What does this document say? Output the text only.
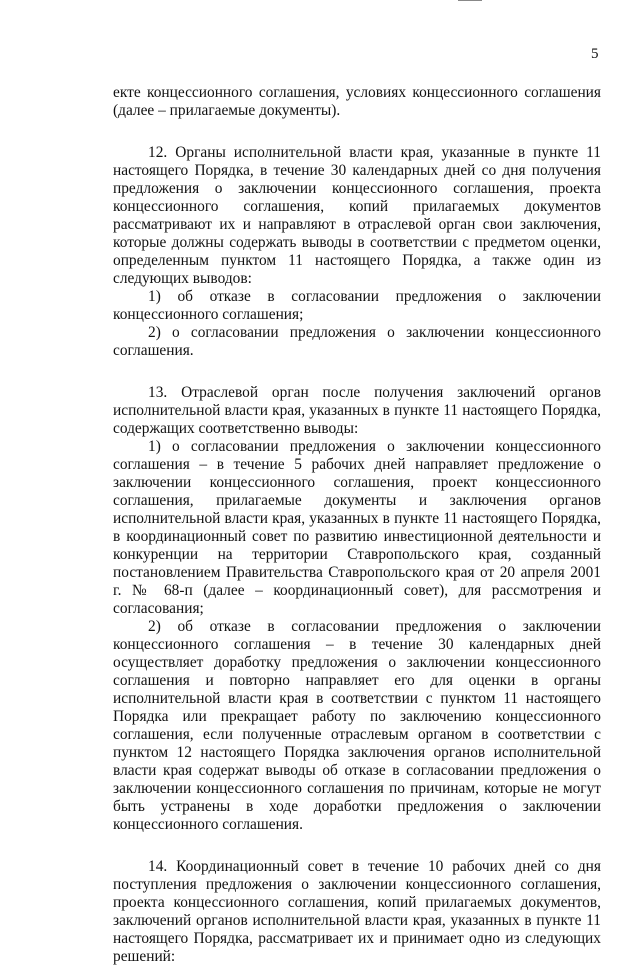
5

екте концессионного соглашения, условиях концессионного соглашения (далее – прилагаемые документы).

12. Органы исполнительной власти края, указанные в пункте 11 настоящего Порядка, в течение 30 календарных дней со дня получения предложения о заключении концессионного соглашения, проекта концессионного соглашения, копий прилагаемых документов рассматривают их и направляют в отраслевой орган свои заключения, которые должны содержать выводы в соответствии с предметом оценки, определенным пунктом 11 настоящего Порядка, а также один из следующих выводов:

1) об отказе в согласовании предложения о заключении концессионного соглашения;

2) о согласовании предложения о заключении концессионного соглашения.

13. Отраслевой орган после получения заключений органов исполнительной власти края, указанных в пункте 11 настоящего Порядка, содержащих соответственно выводы:

1) о согласовании предложения о заключении концессионного соглашения – в течение 5 рабочих дней направляет предложение о заключении концессионного соглашения, проект концессионного соглашения, прилагаемые документы и заключения органов исполнительной власти края, указанных в пункте 11 настоящего Порядка, в координационный совет по развитию инвестиционной деятельности и конкуренции на территории Ставропольского края, созданный постановлением Правительства Ставропольского края от 20 апреля 2001 г. № 68-п (далее – координационный совет), для рассмотрения и согласования;

2) об отказе в согласовании предложения о заключении концессионного соглашения – в течение 30 календарных дней осуществляет доработку предложения о заключении концессионного соглашения и повторно направляет его для оценки в органы исполнительной власти края в соответствии с пунктом 11 настоящего Порядка или прекращает работу по заключению концессионного соглашения, если полученные отраслевым органом в соответствии с пунктом 12 настоящего Порядка заключения органов исполнительной власти края содержат выводы об отказе в согласовании предложения о заключении концессионного соглашения по причинам, которые не могут быть устранены в ходе доработки предложения о заключении концессионного соглашения.

14. Координационный совет в течение 10 рабочих дней со дня поступления предложения о заключении концессионного соглашения, проекта концессионного соглашения, копий прилагаемых документов, заключений органов исполнительной власти края, указанных в пункте 11 настоящего Порядка, рассматривает их и принимает одно из следующих решений:
